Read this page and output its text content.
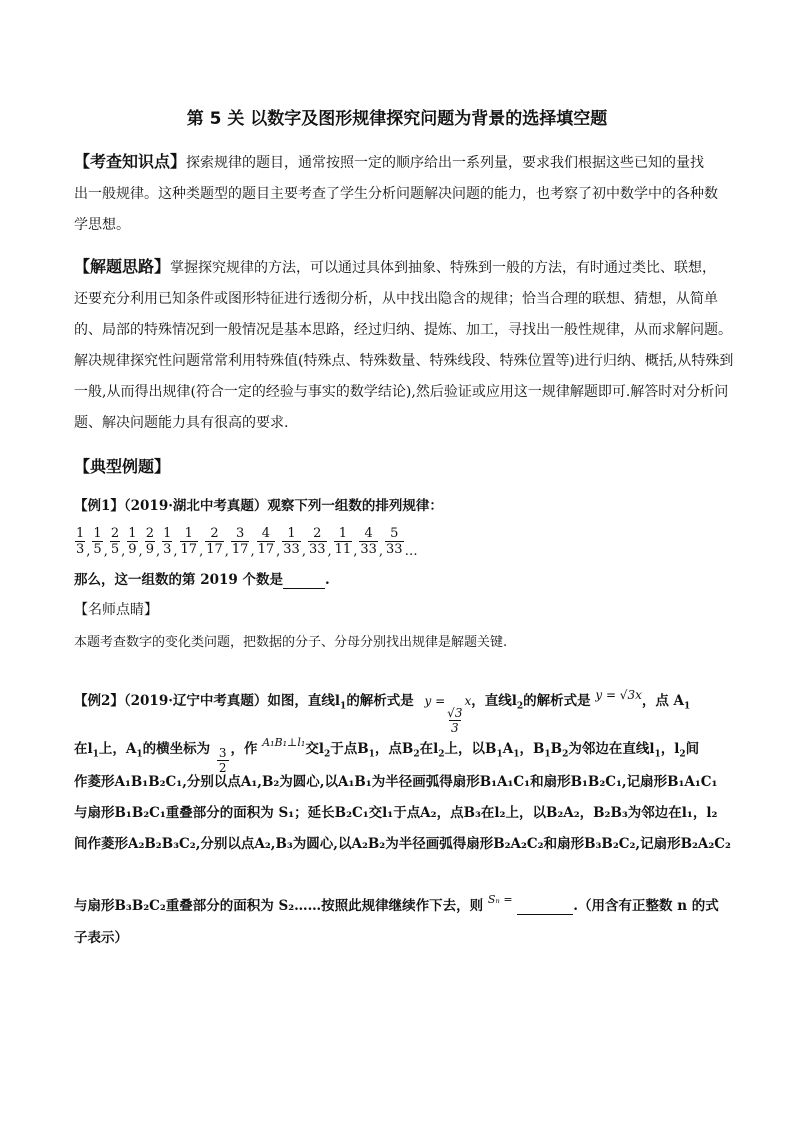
第 5 关 以数字及图形规律探究问题为背景的选择填空题
【考查知识点】探索规律的题目，通常按照一定的顺序给出一系列量，要求我们根据这些已知的量找
出一般规律。这种类题型的题目主要考查了学生分析问题解决问题的能力，也考察了初中数学中的各种数
学思想。
【解题思路】掌握探究规律的方法，可以通过具体到抽象、特殊到一般的方法，有时通过类比、联想，
还要充分利用已知条件或图形特征进行透彻分析，从中找出隐含的规律；恰当合理的联想、猜想，从简单
的、局部的特殊情况到一般情况是基本思路，经过归纳、提炼、加工，寻找出一般性规律，从而求解问题。
解决规律探究性问题常常利用特殊值(特殊点、特殊数量、特殊线段、特殊位置等)进行归纳、概括,从特殊到
一般,从而得出规律(符合一定的经验与事实的数学结论),然后验证或应用这一规律解题即可.解答时对分析问
题、解决问题能力具有很高的要求.
【典型例题】
【例1】（2019·湖北中考真题）观察下列一组数的排列规律：
$\frac{1}{3}$ , $\frac{1}{5}$ , $\frac{2}{5}$ , $\frac{1}{9}$ , $\frac{2}{9}$ , $\frac{1}{3}$ , $\frac{1}{17}$ , $\frac{2}{17}$ , $\frac{3}{17}$ , $\frac{4}{17}$ , $\frac{1}{33}$ , $\frac{2}{33}$ , $\frac{1}{11}$ , $\frac{4}{33}$ , $\frac{5}{33}$ …
那么，这一组数的第 2019 个数是	.
【名师点睛】
本题考查数字的变化类问题，把数据的分子、分母分别找出规律是解题关键.
【例2】（2019·辽宁中考真题）如图，直线$l_1$的解析式是 y =
$\frac{√3}{3}$
x，直线$l_2$的解析式是 y = √3x，点 $A_1$
在$l_1$上，$A_1$的横坐标为 $\frac{3}{2}$ ，作 $^{A_1B_1\perp l_1}$交$l_2$于点$B_1$，点$B_2$在$l_2$上，以$B_1A_1$，$B_1B_2$为邻边在直线$l_1$，$l_2$间
作菱形A₁B₁B₂C₁,分别以点A₁,B₂为圆心,以A₁B₁为半径画弧得扇形B₁A₁C₁和扇形B₁B₂C₁,记扇形B₁A₁C₁
与扇形B₁B₂C₁重叠部分的面积为 S₁；延长B₂C₁交l₁于点A₂，点B₃在l₂上，以B₂A₂，B₂B₃为邻边在l₁，l₂
间作菱形A₂B₂B₃C₂,分别以点A₂,B₃为圆心,以A₂B₂为半径画弧得扇形B₂A₂C₂和扇形B₃B₂C₂,记扇形B₂A₂C₂
与扇形B₃B₂C₂重叠部分的面积为 S₂……按照此规律继续作下去，则 $^{S_n =}$	.（用含有正整数 n 的式
子表示）
